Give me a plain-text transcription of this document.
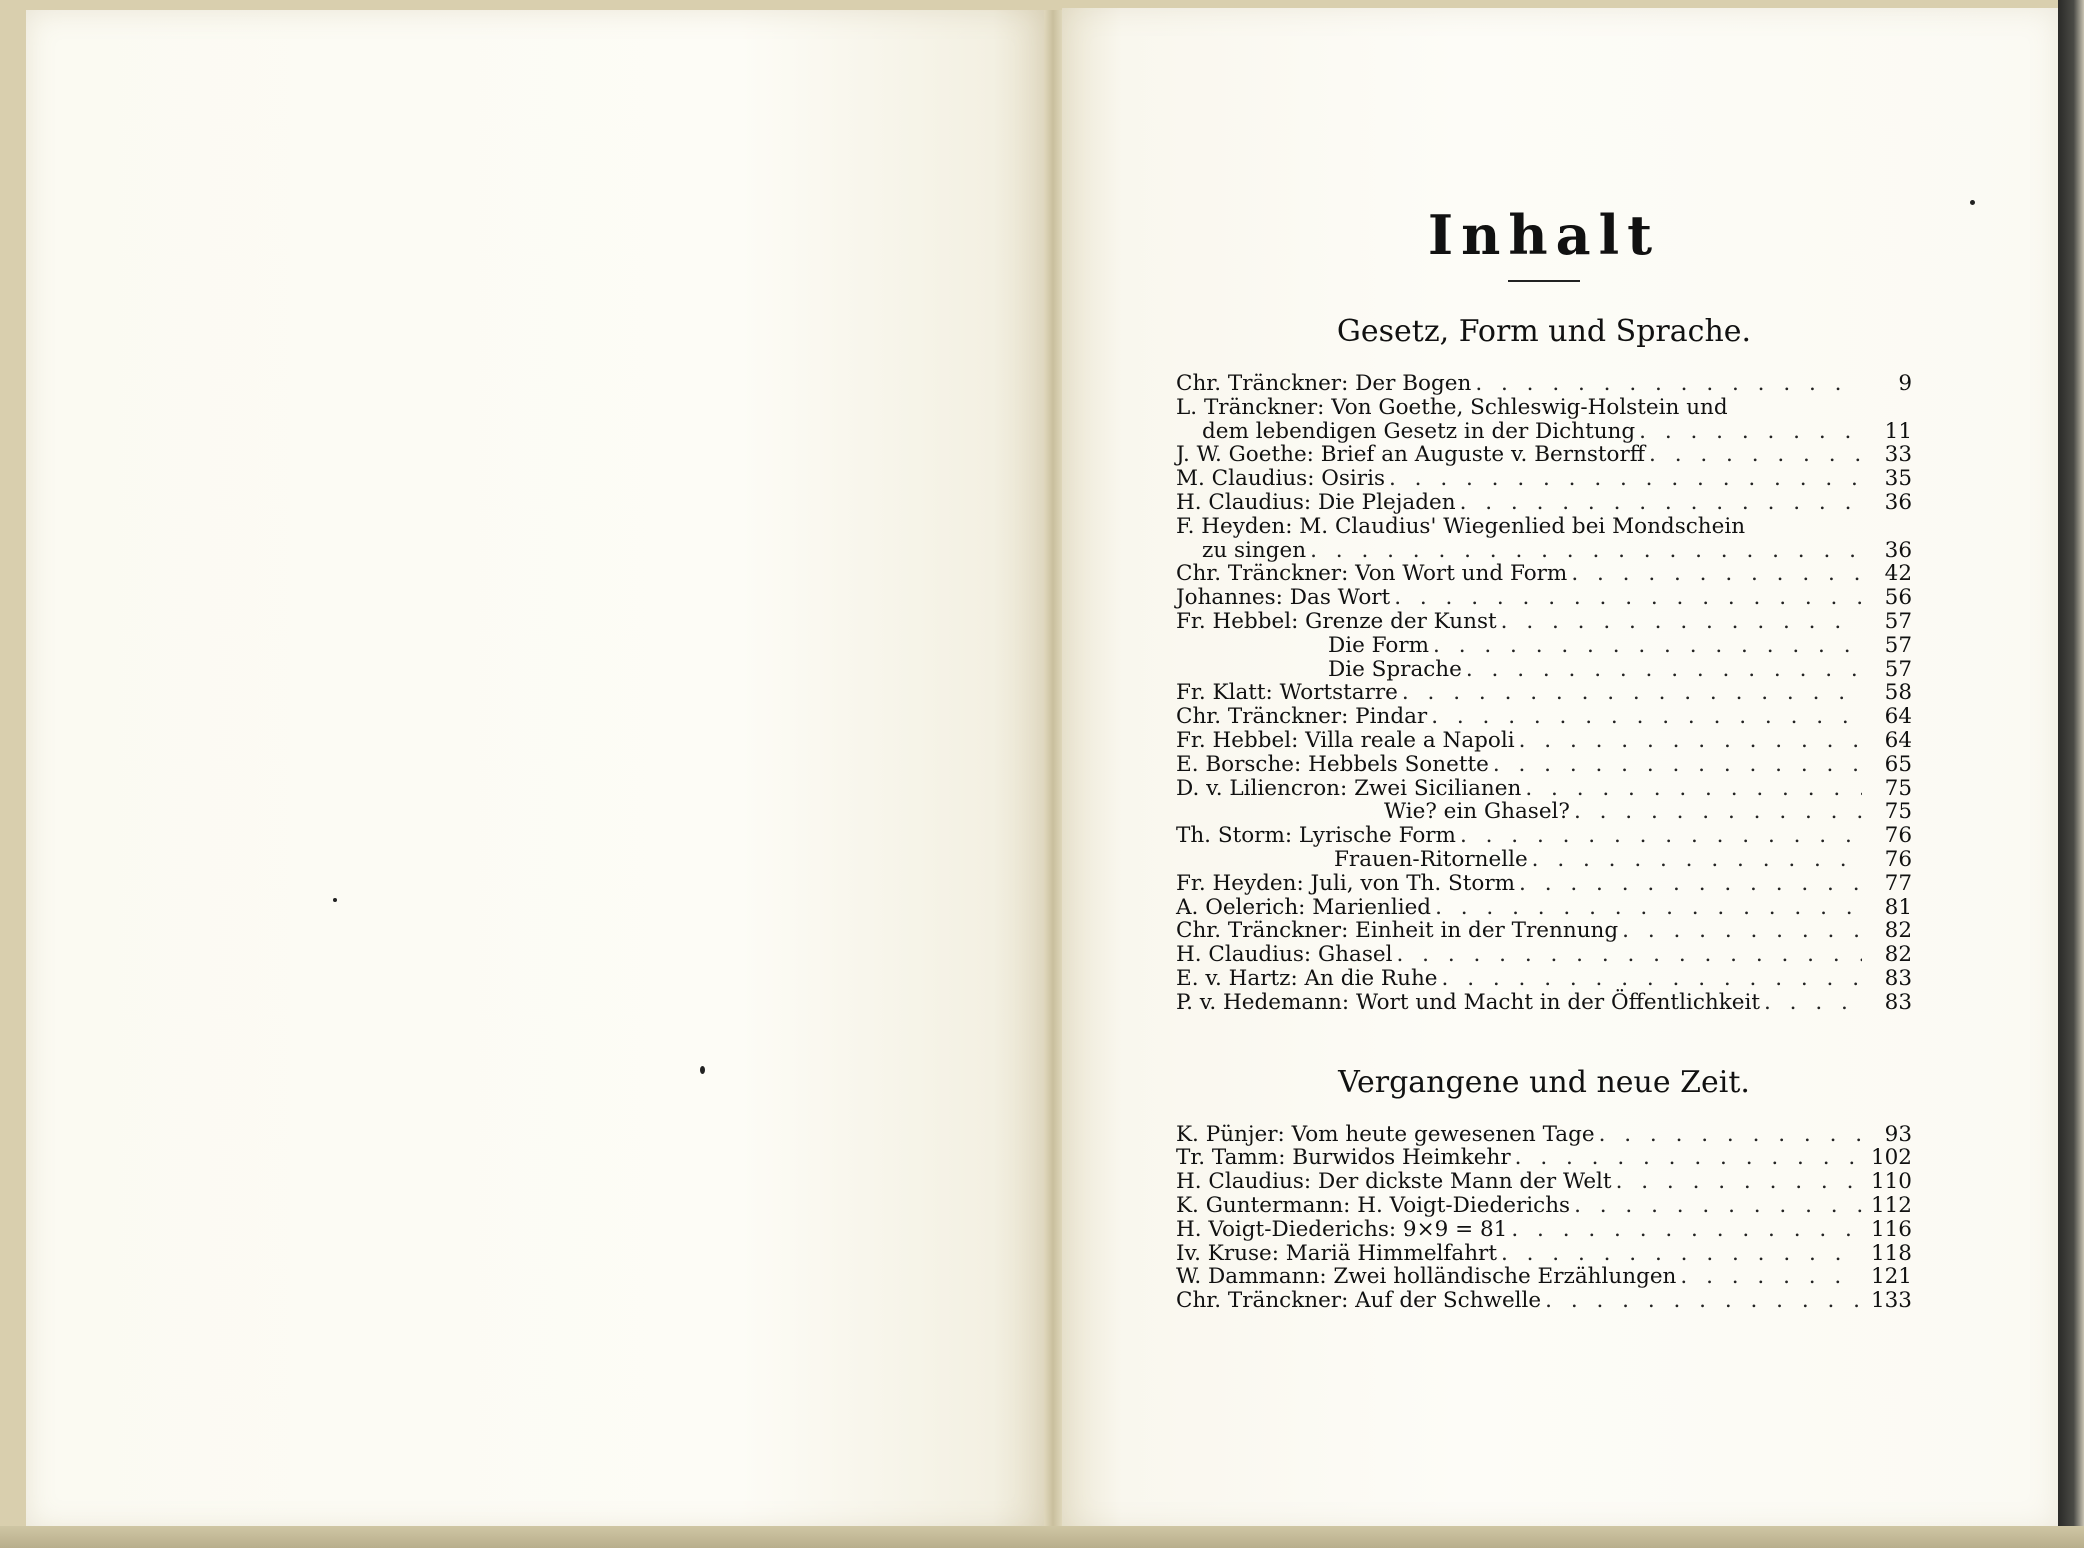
Inhalt
Gesetz, Form und Sprache.
Chr. Tränckner: Der Bogen . . .	9
L. Tränckner: Von Goethe, Schleswig-Holstein und
dem lebendigen Gesetz in der Dichtung . . .	11
J. W. Goethe: Brief an Auguste v. Bernstorff . . .	33
M. Claudius: Osiris . . .	35
H. Claudius: Die Plejaden . . .	36
F. Heyden: M. Claudius' Wiegenlied bei Mondschein
zu singen . . .	36
Chr. Tränckner: Von Wort und Form . . .	42
Johannes: Das Wort . . .	56
Fr. Hebbel: Grenze der Kunst . . .	57
Die Form . . .	57
Die Sprache . . .	57
Fr. Klatt: Wortstarre . . .	58
Chr. Tränckner: Pindar . . .	64
Fr. Hebbel: Villa reale a Napoli . . .	64
E. Borsche: Hebbels Sonette . . .	65
D. v. Liliencron: Zwei Sicilianen . . .	75
Wie? ein Ghasel? . . .	75
Th. Storm: Lyrische Form . . .	76
Frauen-Ritornelle . . .	76
Fr. Heyden: Juli, von Th. Storm . . .	77
A. Oelerich: Marienlied . . .	81
Chr. Tränckner: Einheit in der Trennung . . .	82
H. Claudius: Ghasel . . .	82
E. v. Hartz: An die Ruhe . . .	83
P. v. Hedemann: Wort und Macht in der Öffentlichkeit . . .	83
Vergangene und neue Zeit.
K. Pünjer: Vom heute gewesenen Tage . . .	93
Tr. Tamm: Burwidos Heimkehr . . .	102
H. Claudius: Der dickste Mann der Welt . . .	110
K. Guntermann: H. Voigt-Diederichs . . .	112
H. Voigt-Diederichs: 9×9 = 81 . . .	116
Iv. Kruse: Mariä Himmelfahrt . . .	118
W. Dammann: Zwei holländische Erzählungen . . .	121
Chr. Tränckner: Auf der Schwelle . . .	133
